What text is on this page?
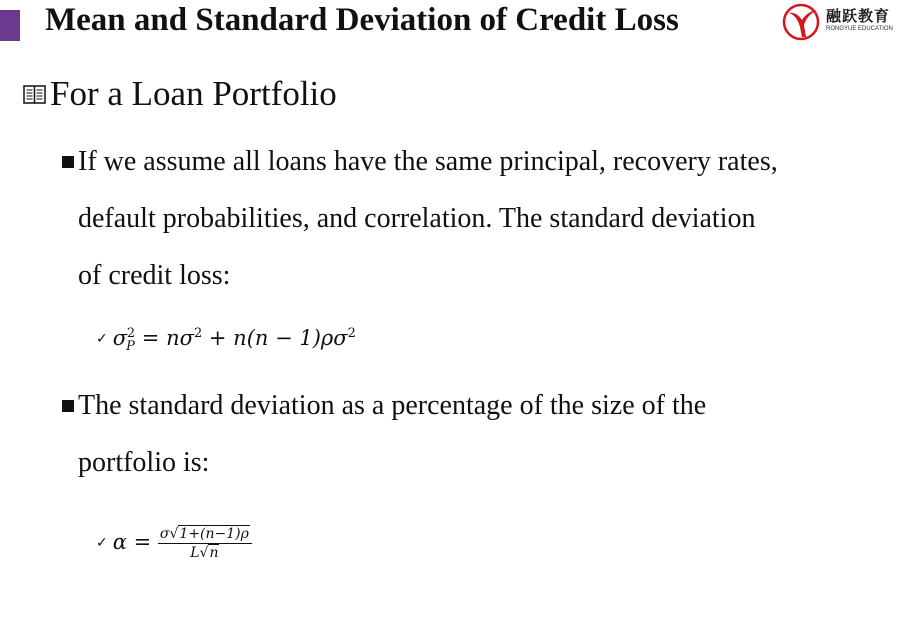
Mean and Standard Deviation of Credit Loss	融跃教育
RONGYUE EDUCATION
For a Loan Portfolio
If we assume all loans have the same principal, recovery rates,
default probabilities, and correlation. The standard deviation
of credit loss:
✓ $\sigma_P^2 = n\sigma^2 + n(n - 1)\rho\sigma^2$
The standard deviation as a percentage of the size of the
portfolio is:
✓ $\alpha = \frac{\sigma√1+(n-1)\rho}{L√n}$
